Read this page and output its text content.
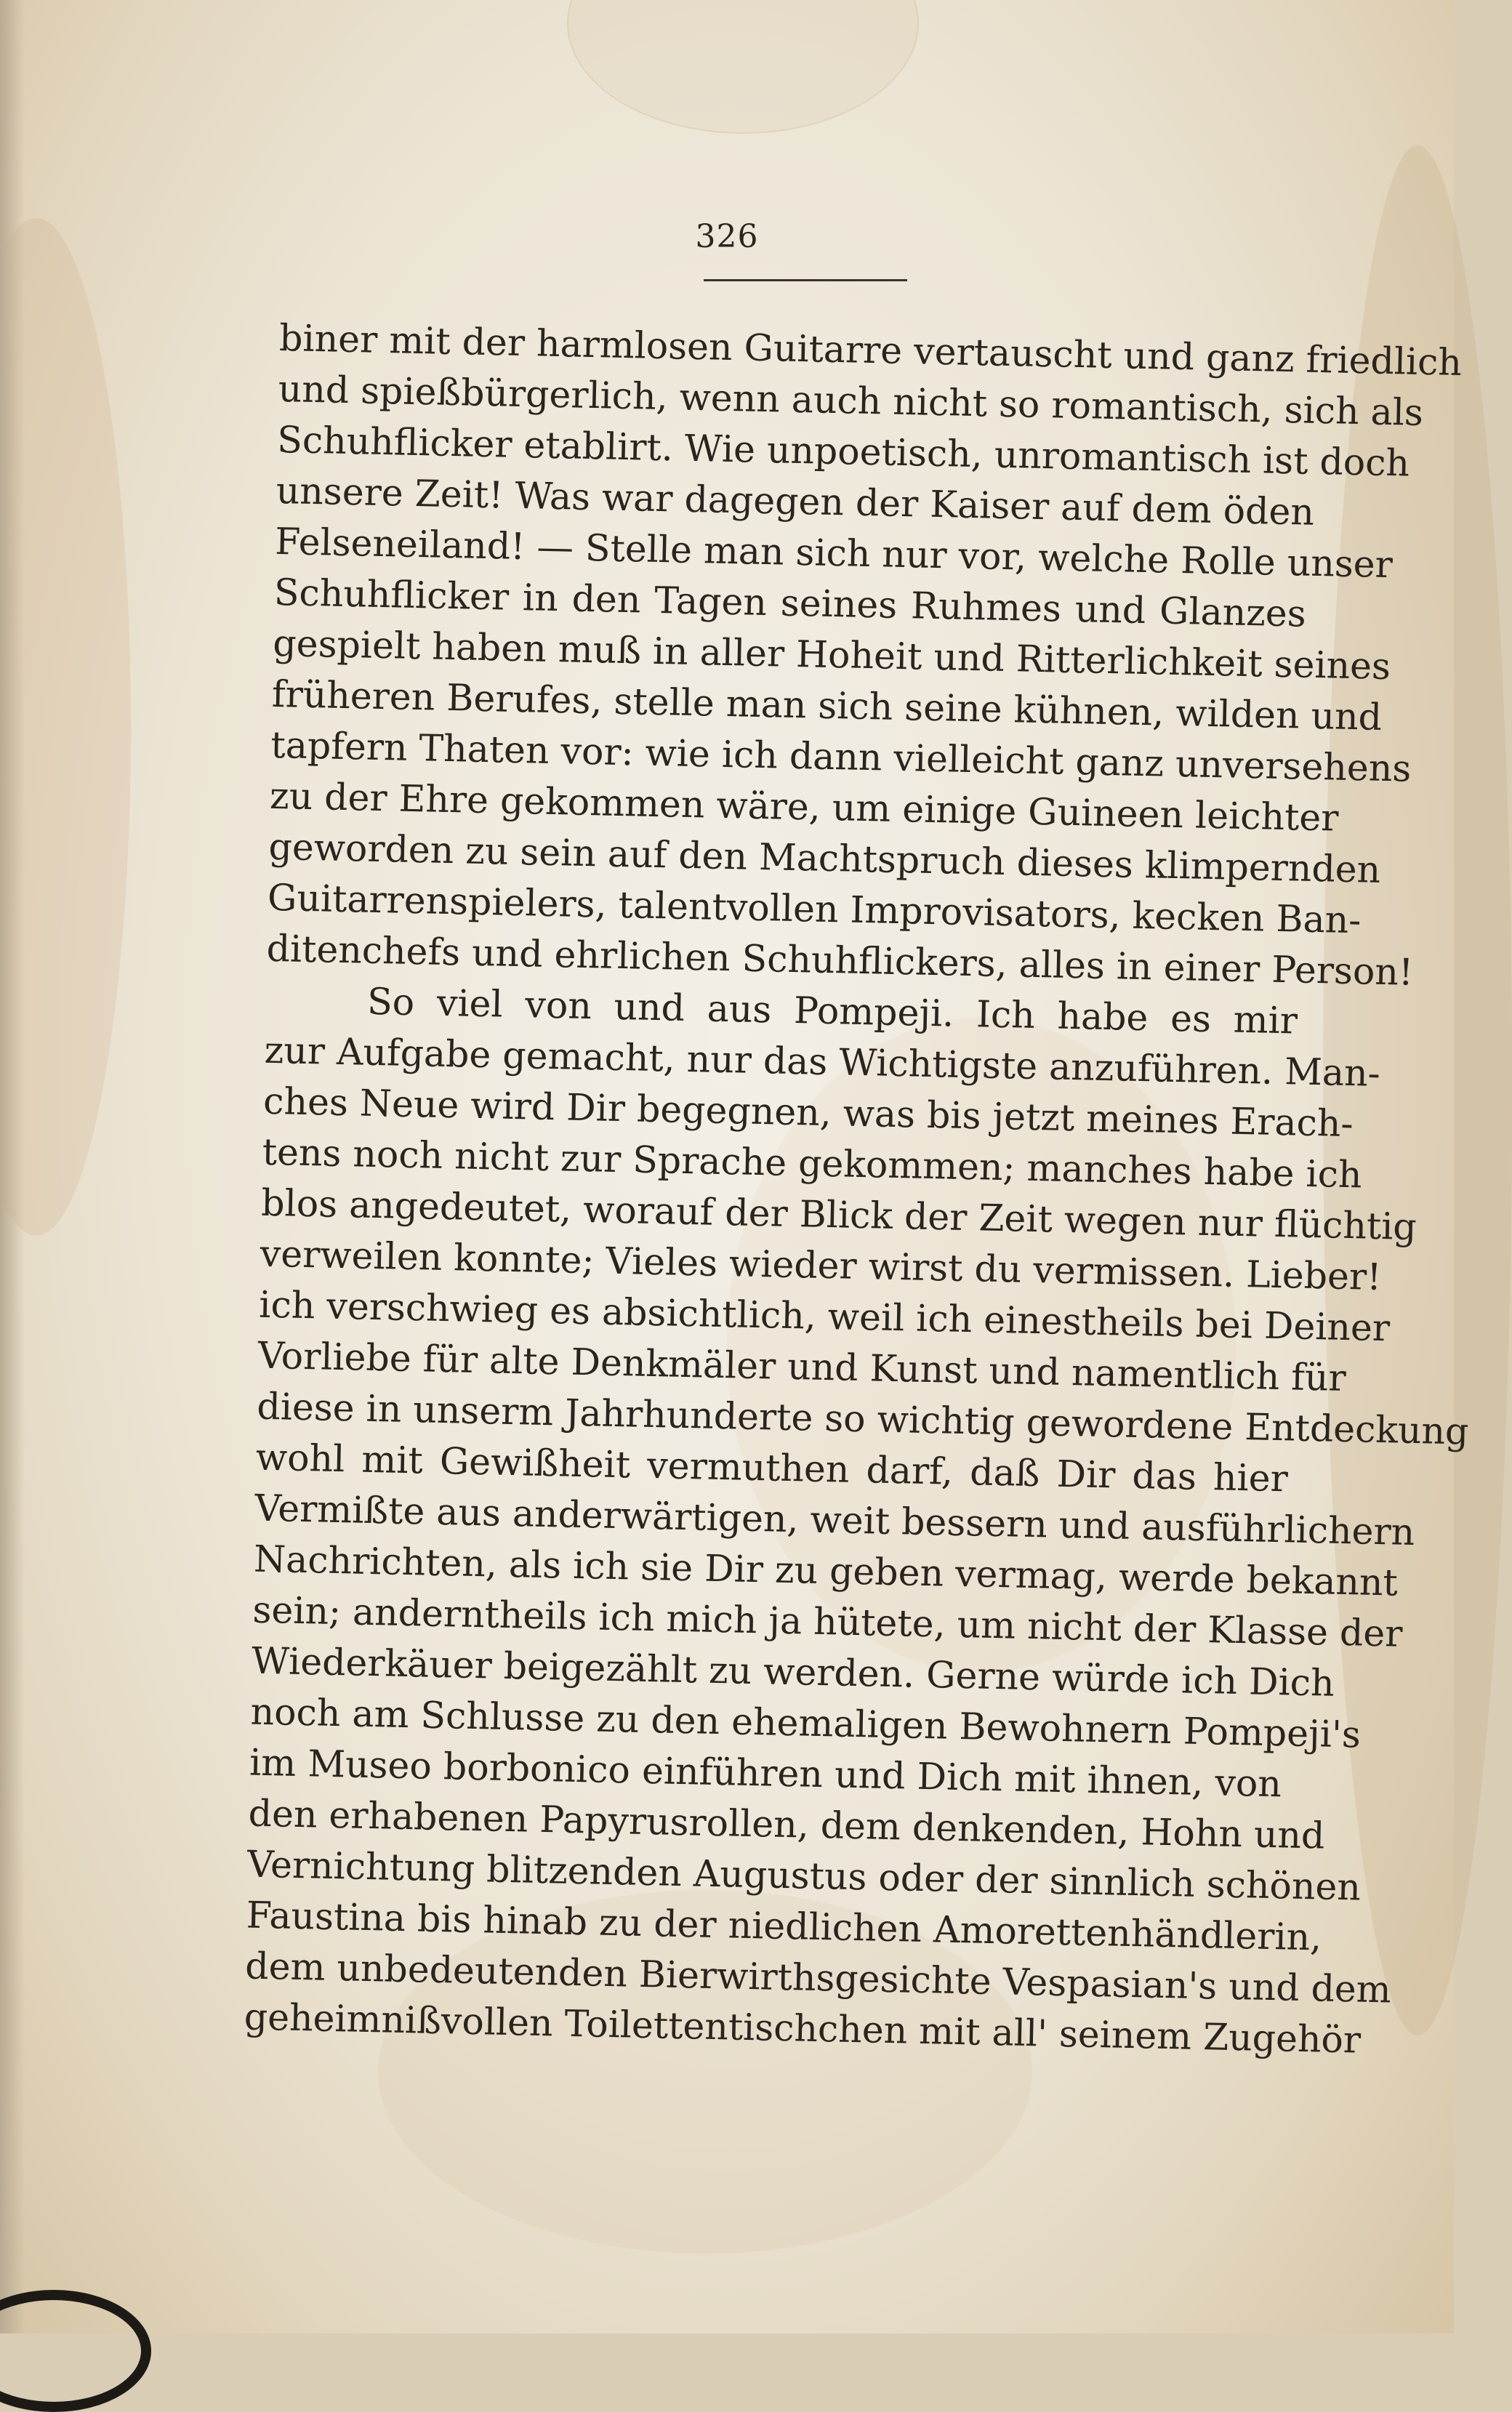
326
biner mit der harmlosen Guitarre vertauscht und ganz friedlich
und spießbürgerlich, wenn auch nicht so romantisch, sich als
Schuhflicker etablirt. Wie unpoetisch, unromantisch ist doch
unsere Zeit! Was war dagegen der Kaiser auf dem öden
Felseneiland! — Stelle man sich nur vor, welche Rolle unser
Schuhflicker in den Tagen seines Ruhmes und Glanzes
gespielt haben muß in aller Hoheit und Ritterlichkeit seines
früheren Berufes, stelle man sich seine kühnen, wilden und
tapfern Thaten vor: wie ich dann vielleicht ganz unversehens
zu der Ehre gekommen wäre, um einige Guineen leichter
geworden zu sein auf den Machtspruch dieses klimpernden
Guitarrenspielers, talentvollen Improvisators, kecken Ban-
ditenchefs und ehrlichen Schuhflickers, alles in einer Person!
So viel von und aus Pompeji. Ich habe es mir
zur Aufgabe gemacht, nur das Wichtigste anzuführen. Man-
ches Neue wird Dir begegnen, was bis jetzt meines Erach-
tens noch nicht zur Sprache gekommen; manches habe ich
blos angedeutet, worauf der Blick der Zeit wegen nur flüchtig
verweilen konnte; Vieles wieder wirst du vermissen. Lieber!
ich verschwieg es absichtlich, weil ich einestheils bei Deiner
Vorliebe für alte Denkmäler und Kunst und namentlich für
diese in unserm Jahrhunderte so wichtig gewordene Entdeckung
wohl mit Gewißheit vermuthen darf, daß Dir das hier
Vermißte aus anderwärtigen, weit bessern und ausführlichern
Nachrichten, als ich sie Dir zu geben vermag, werde bekannt
sein; anderntheils ich mich ja hütete, um nicht der Klasse der
Wiederkäuer beigezählt zu werden. Gerne würde ich Dich
noch am Schlusse zu den ehemaligen Bewohnern Pompeji's
im Museo borbonico einführen und Dich mit ihnen, von
den erhabenen Papyrusrollen, dem denkenden, Hohn und
Vernichtung blitzenden Augustus oder der sinnlich schönen
Faustina bis hinab zu der niedlichen Amorettenhändlerin,
dem unbedeutenden Bierwirthsgesichte Vespasian's und dem
geheimnißvollen Toilettentischchen mit all' seinem Zugehör
